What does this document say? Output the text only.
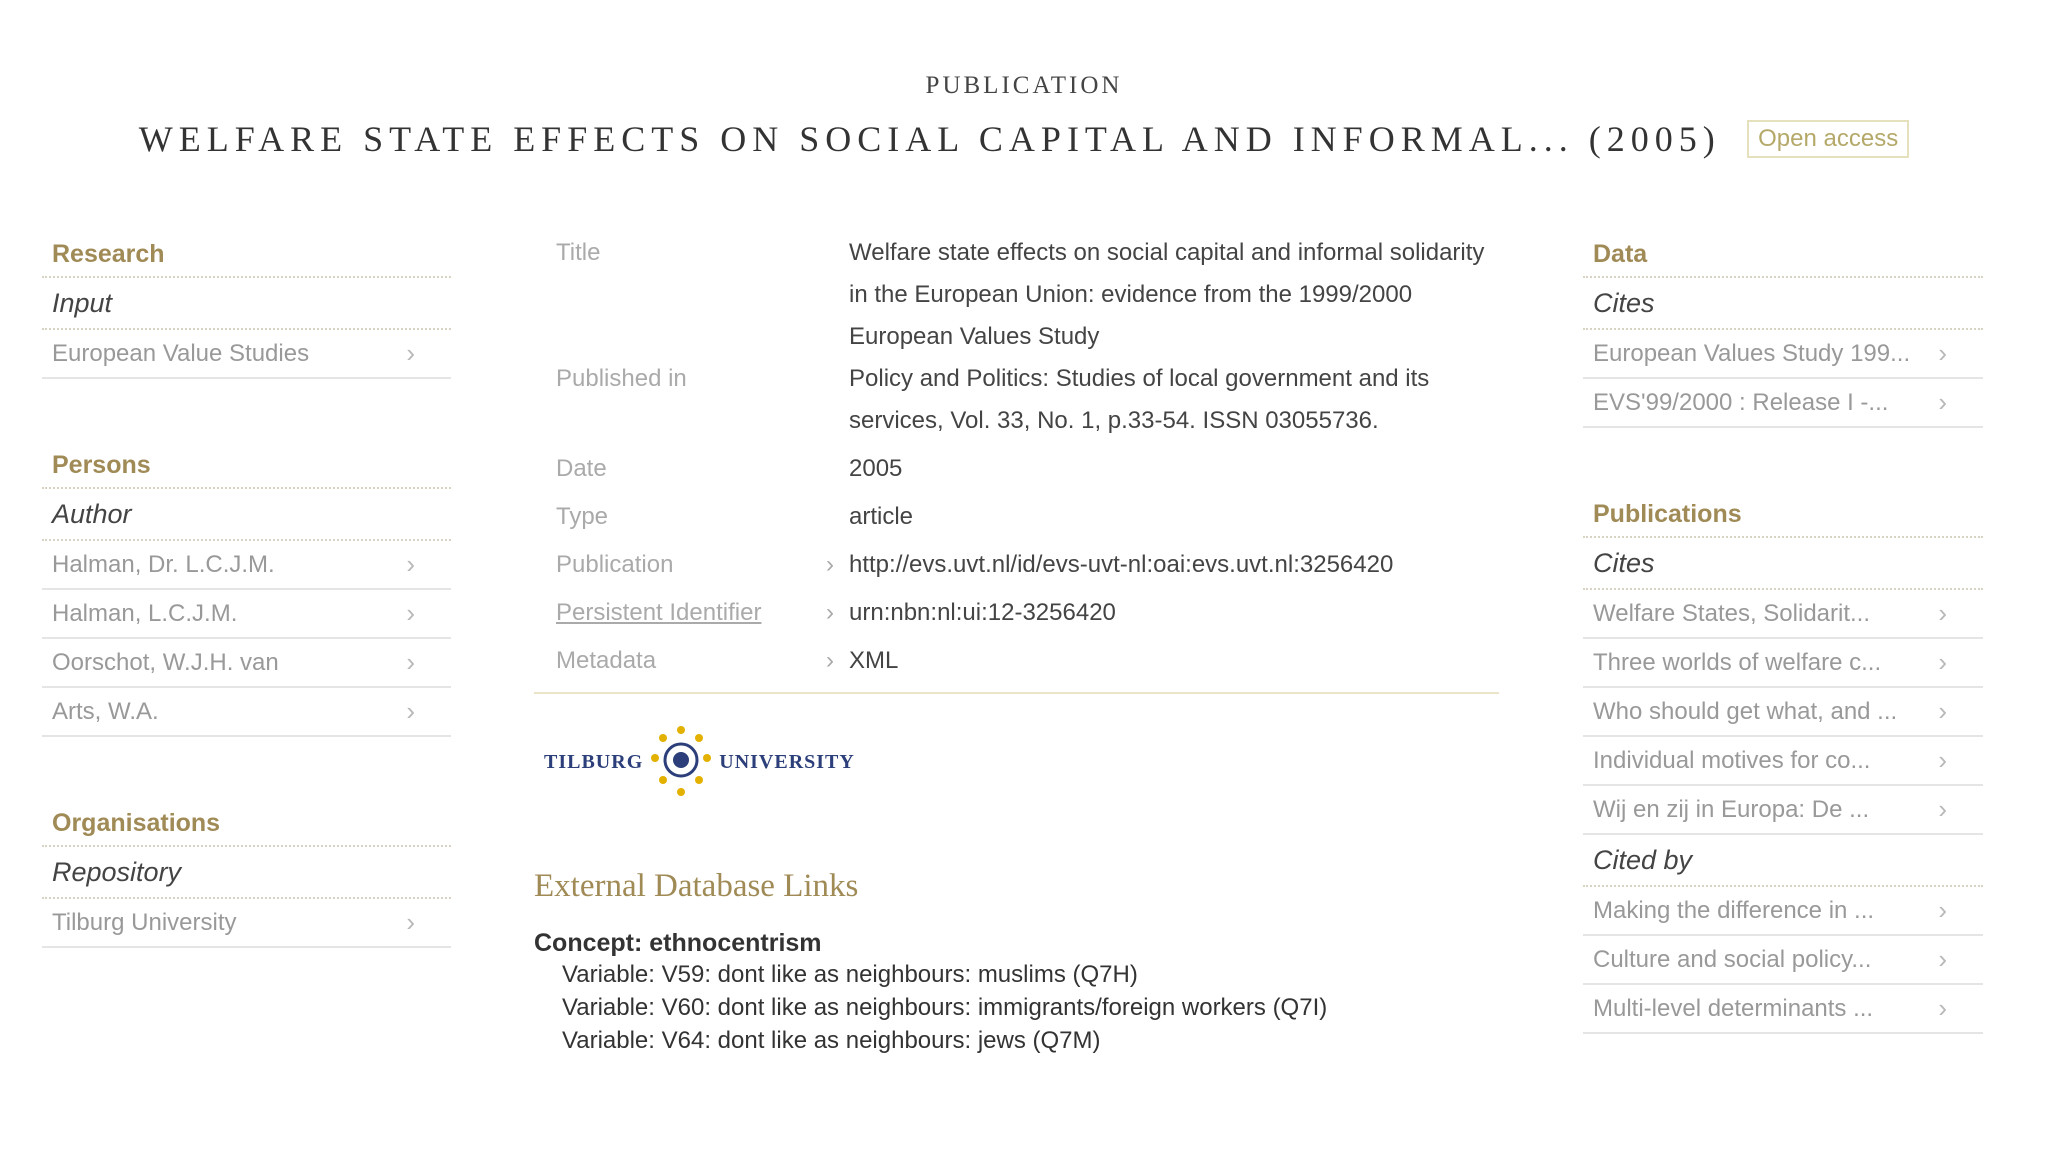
PUBLICATION
WELFARE STATE EFFECTS ON SOCIAL CAPITAL AND INFORMAL... (2005) Open access
Research
Input
European Value Studies	›
Persons
Author
Halman, Dr. L.C.J.M.	›
Halman, L.C.J.M.	›
Oorschot, W.J.H. van	›
Arts, W.A.	›
Organisations
Repository
Tilburg University	›
Title	Welfare state effects on social capital and informal solidarity in the European Union: evidence from the 1999/2000 European Values Study
Published in	Policy and Politics: Studies of local government and its services, Vol. 33, No. 1, p.33-54. ISSN 03055736.
Date	2005
Type	article
Publication	› http://evs.uvt.nl/id/evs-uvt-nl:oai:evs.uvt.nl:3256420
Persistent Identifier	› urn:nbn:nl:ui:12-3256420
Metadata	› XML
TILBURG	UNIVERSITY
External Database Links
Concept: ethnocentrism
Variable: V59: dont like as neighbours: muslims (Q7H)
Variable: V60: dont like as neighbours: immigrants/foreign workers (Q7I)
Variable: V64: dont like as neighbours: jews (Q7M)
Data
Cites
European Values Study 199... ›
EVS'99/2000 : Release I -... ›
Publications
Cites
Welfare States, Solidarit...	›
Three worlds of welfare c... ›
Who should get what, and ... ›
Individual motives for co...	›
Wij en zij in Europa: De ...	›
Cited by
Making the difference in ... ›
Culture and social policy...	›
Multi-level determinants ...	›
